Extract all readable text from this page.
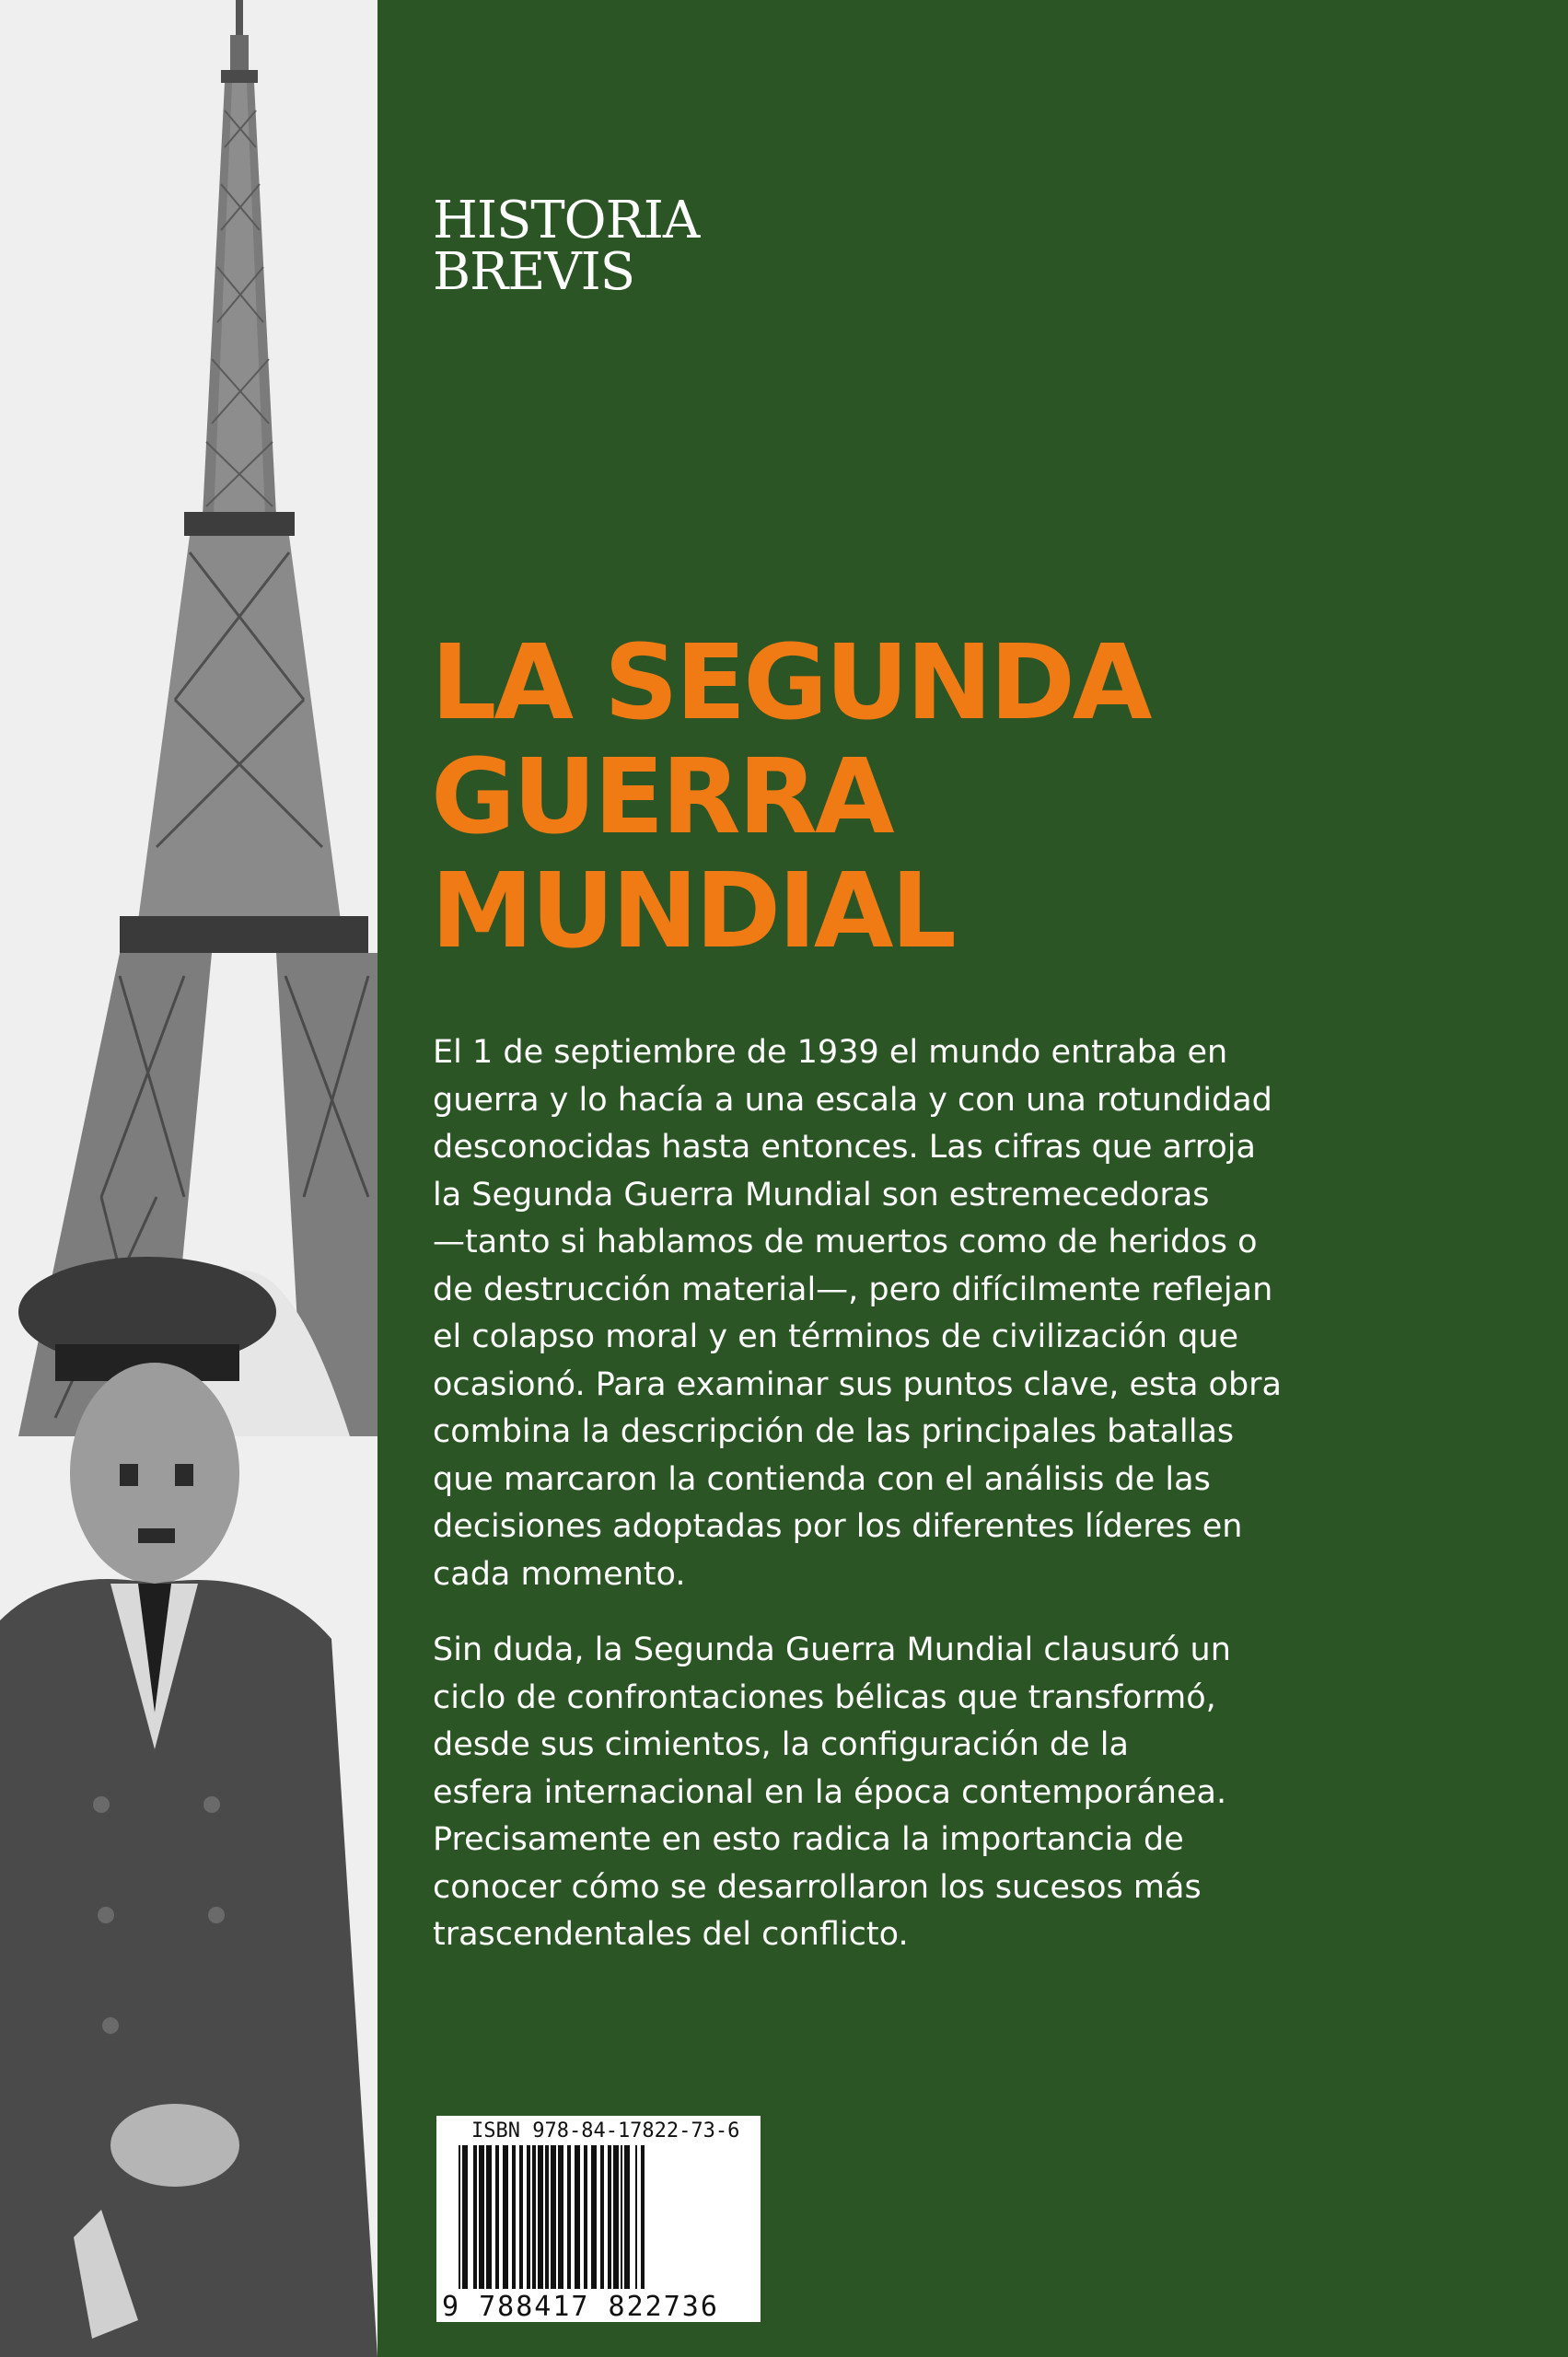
HISTORIA
BREVIS
LA SEGUNDA
GUERRA
MUNDIAL
El 1 de septiembre de 1939 el mundo entraba en
guerra y lo hacía a una escala y con una rotundidad
desconocidas hasta entonces. Las cifras que arroja
la Segunda Guerra Mundial son estremecedoras
—tanto si hablamos de muertos como de heridos o
de destrucción material—, pero difícilmente reflejan
el colapso moral y en términos de civilización que
ocasionó. Para examinar sus puntos clave, esta obra
combina la descripción de las principales batallas
que marcaron la contienda con el análisis de las
decisiones adoptadas por los diferentes líderes en
cada momento.
Sin duda, la Segunda Guerra Mundial clausuró un
ciclo de confrontaciones bélicas que transformó,
desde sus cimientos, la configuración de la
esfera internacional en la época contemporánea.
Precisamente en esto radica la importancia de
conocer cómo se desarrollaron los sucesos más
trascendentales del conflicto.
ISBN 978-84-17822-73-6
9 788417 822736
